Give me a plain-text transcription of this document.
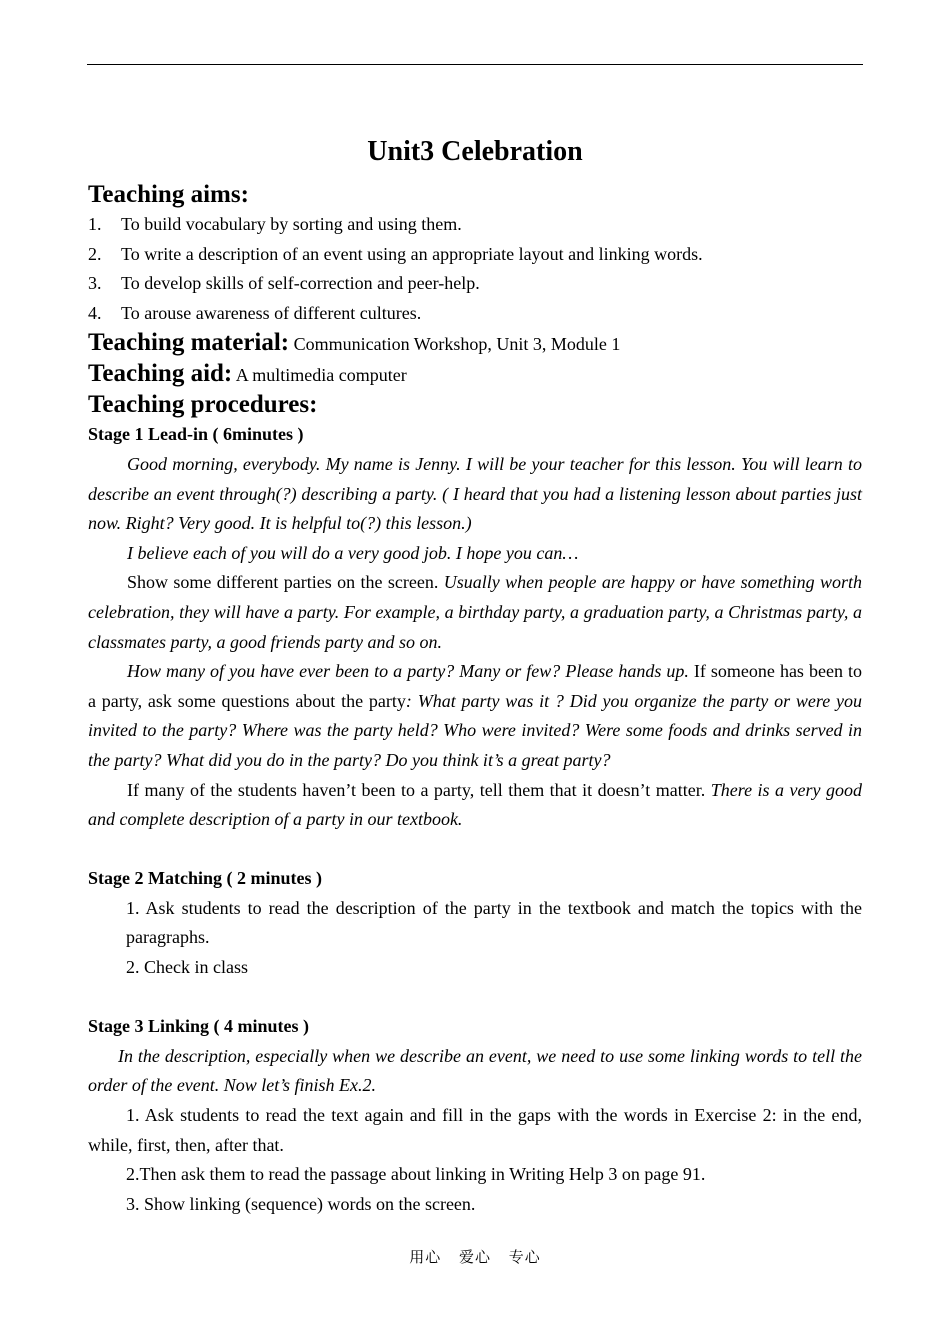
Unit3 Celebration
Teaching aims:
1.	To build vocabulary by sorting and using them.
2.	To write a description of an event using an appropriate layout and linking words.
3.	To develop skills of self-correction and peer-help.
4.	To arouse awareness of different cultures.
Teaching material: Communication Workshop, Unit 3, Module 1
Teaching aid: A multimedia computer
Teaching procedures:
Stage 1 Lead-in ( 6minutes )

Good morning, everybody. My name is Jenny. I will be your teacher for this lesson. You will learn to describe an event through(?) describing a party. ( I heard that you had a listening lesson about parties just now. Right? Very good. It is helpful to(?) this lesson.)

I believe each of you will do a very good job. I hope you can…

Show some different parties on the screen. Usually when people are happy or have something worth celebration, they will have a party. For example, a birthday party, a graduation party, a Christmas party, a classmates party, a good friends party and so on.

How many of you have ever been to a party? Many or few? Please hands up. If someone has been to a party, ask some questions about the party: What party was it ? Did you organize the party or were you invited to the party? Where was the party held? Who were invited? Were some foods and drinks served in the party? What did you do in the party? Do you think it’s a great party?

If many of the students haven’t been to a party, tell them that it doesn’t matter. There is a very good and complete description of a party in our textbook.

Stage 2 Matching ( 2 minutes )

1. Ask students to read the description of the party in the textbook and match the topics with the paragraphs.

2. Check in class

Stage 3 Linking ( 4 minutes )

In the description, especially when we describe an event, we need to use some linking words to tell the order of the event. Now let’s finish Ex.2.

1. Ask students to read the text again and fill in the gaps with the words in Exercise 2: in the end, while, first, then, after that.

2.Then ask them to read the passage about linking in Writing Help 3 on page 91.

3. Show linking (sequence) words on the screen.

用心 爱心 专心
